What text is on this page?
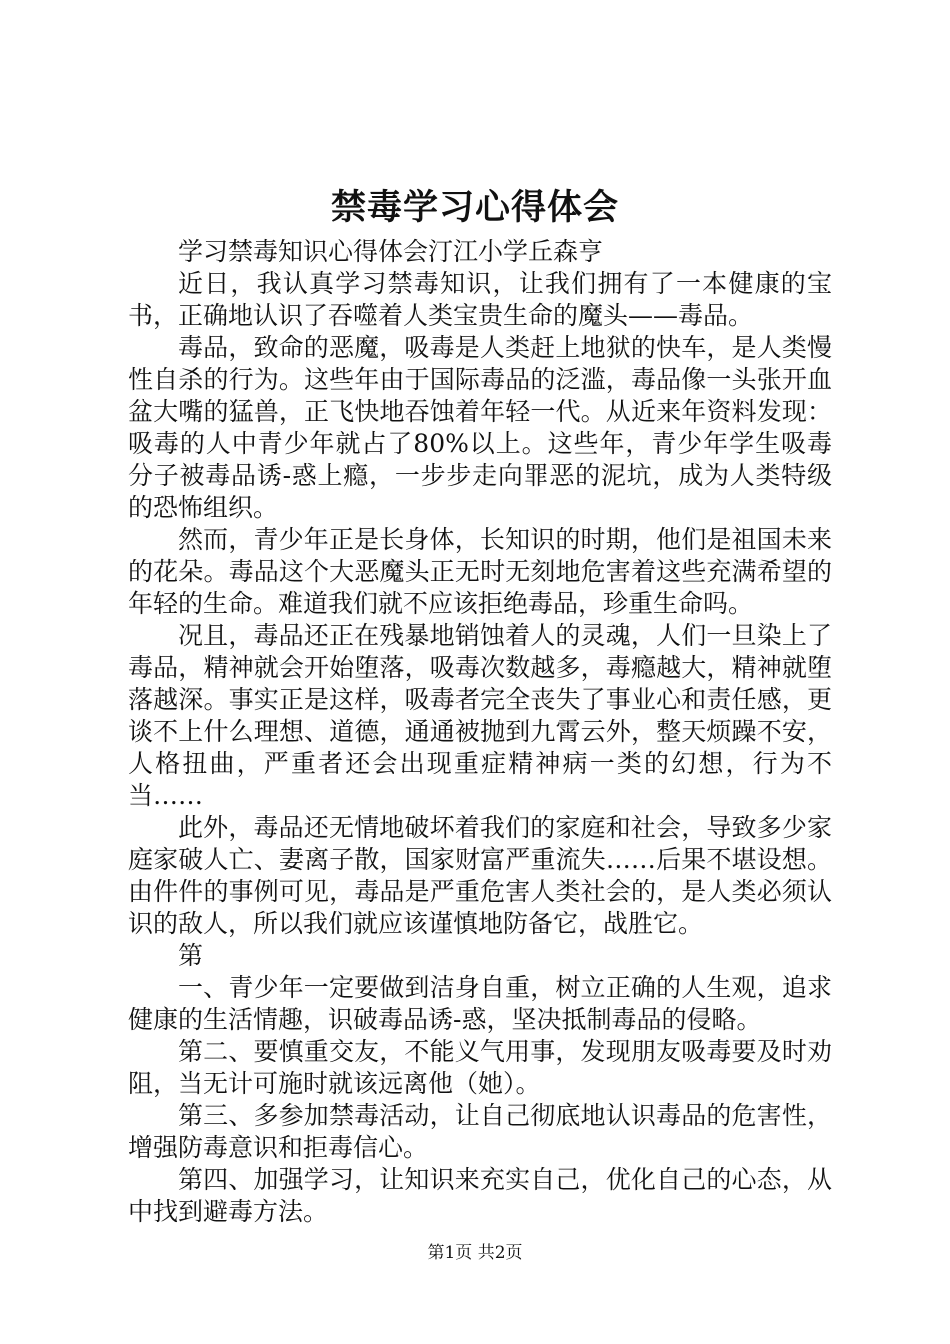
禁毒学习心得体会

学习禁毒知识心得体会汀江小学丘森亨

近日，我认真学习禁毒知识，让我们拥有了一本健康的宝书，正确地认识了吞噬着人类宝贵生命的魔头——毒品。

毒品，致命的恶魔，吸毒是人类赶上地狱的快车，是人类慢性自杀的行为。这些年由于国际毒品的泛滥，毒品像一头张开血盆大嘴的猛兽，正飞快地吞蚀着年轻一代。从近来年资料发现：吸毒的人中青少年就占了80%以上。这些年，青少年学生吸毒分子被毒品诱-惑上瘾，一步步走向罪恶的泥坑，成为人类特级的恐怖组织。

然而，青少年正是长身体，长知识的时期，他们是祖国未来的花朵。毒品这个大恶魔头正无时无刻地危害着这些充满希望的年轻的生命。难道我们就不应该拒绝毒品，珍重生命吗。

况且，毒品还正在残暴地销蚀着人的灵魂，人们一旦染上了毒品，精神就会开始堕落，吸毒次数越多，毒瘾越大，精神就堕落越深。事实正是这样，吸毒者完全丧失了事业心和责任感，更谈不上什么理想、道德，通通被抛到九霄云外，整天烦躁不安，人格扭曲，严重者还会出现重症精神病一类的幻想，行为不当……

此外，毒品还无情地破坏着我们的家庭和社会，导致多少家庭家破人亡、妻离子散，国家财富严重流失……后果不堪设想。由件件的事例可见，毒品是严重危害人类社会的，是人类必须认识的敌人，所以我们就应该谨慎地防备它，战胜它。

第

一、青少年一定要做到洁身自重，树立正确的人生观，追求健康的生活情趣，识破毒品诱-惑，坚决抵制毒品的侵略。

第二、要慎重交友，不能义气用事，发现朋友吸毒要及时劝阻，当无计可施时就该远离他（她）。

第三、多参加禁毒活动，让自己彻底地认识毒品的危害性，增强防毒意识和拒毒信心。

第四、加强学习，让知识来充实自己，优化自己的心态，从中找到避毒方法。

第1页 共2页
